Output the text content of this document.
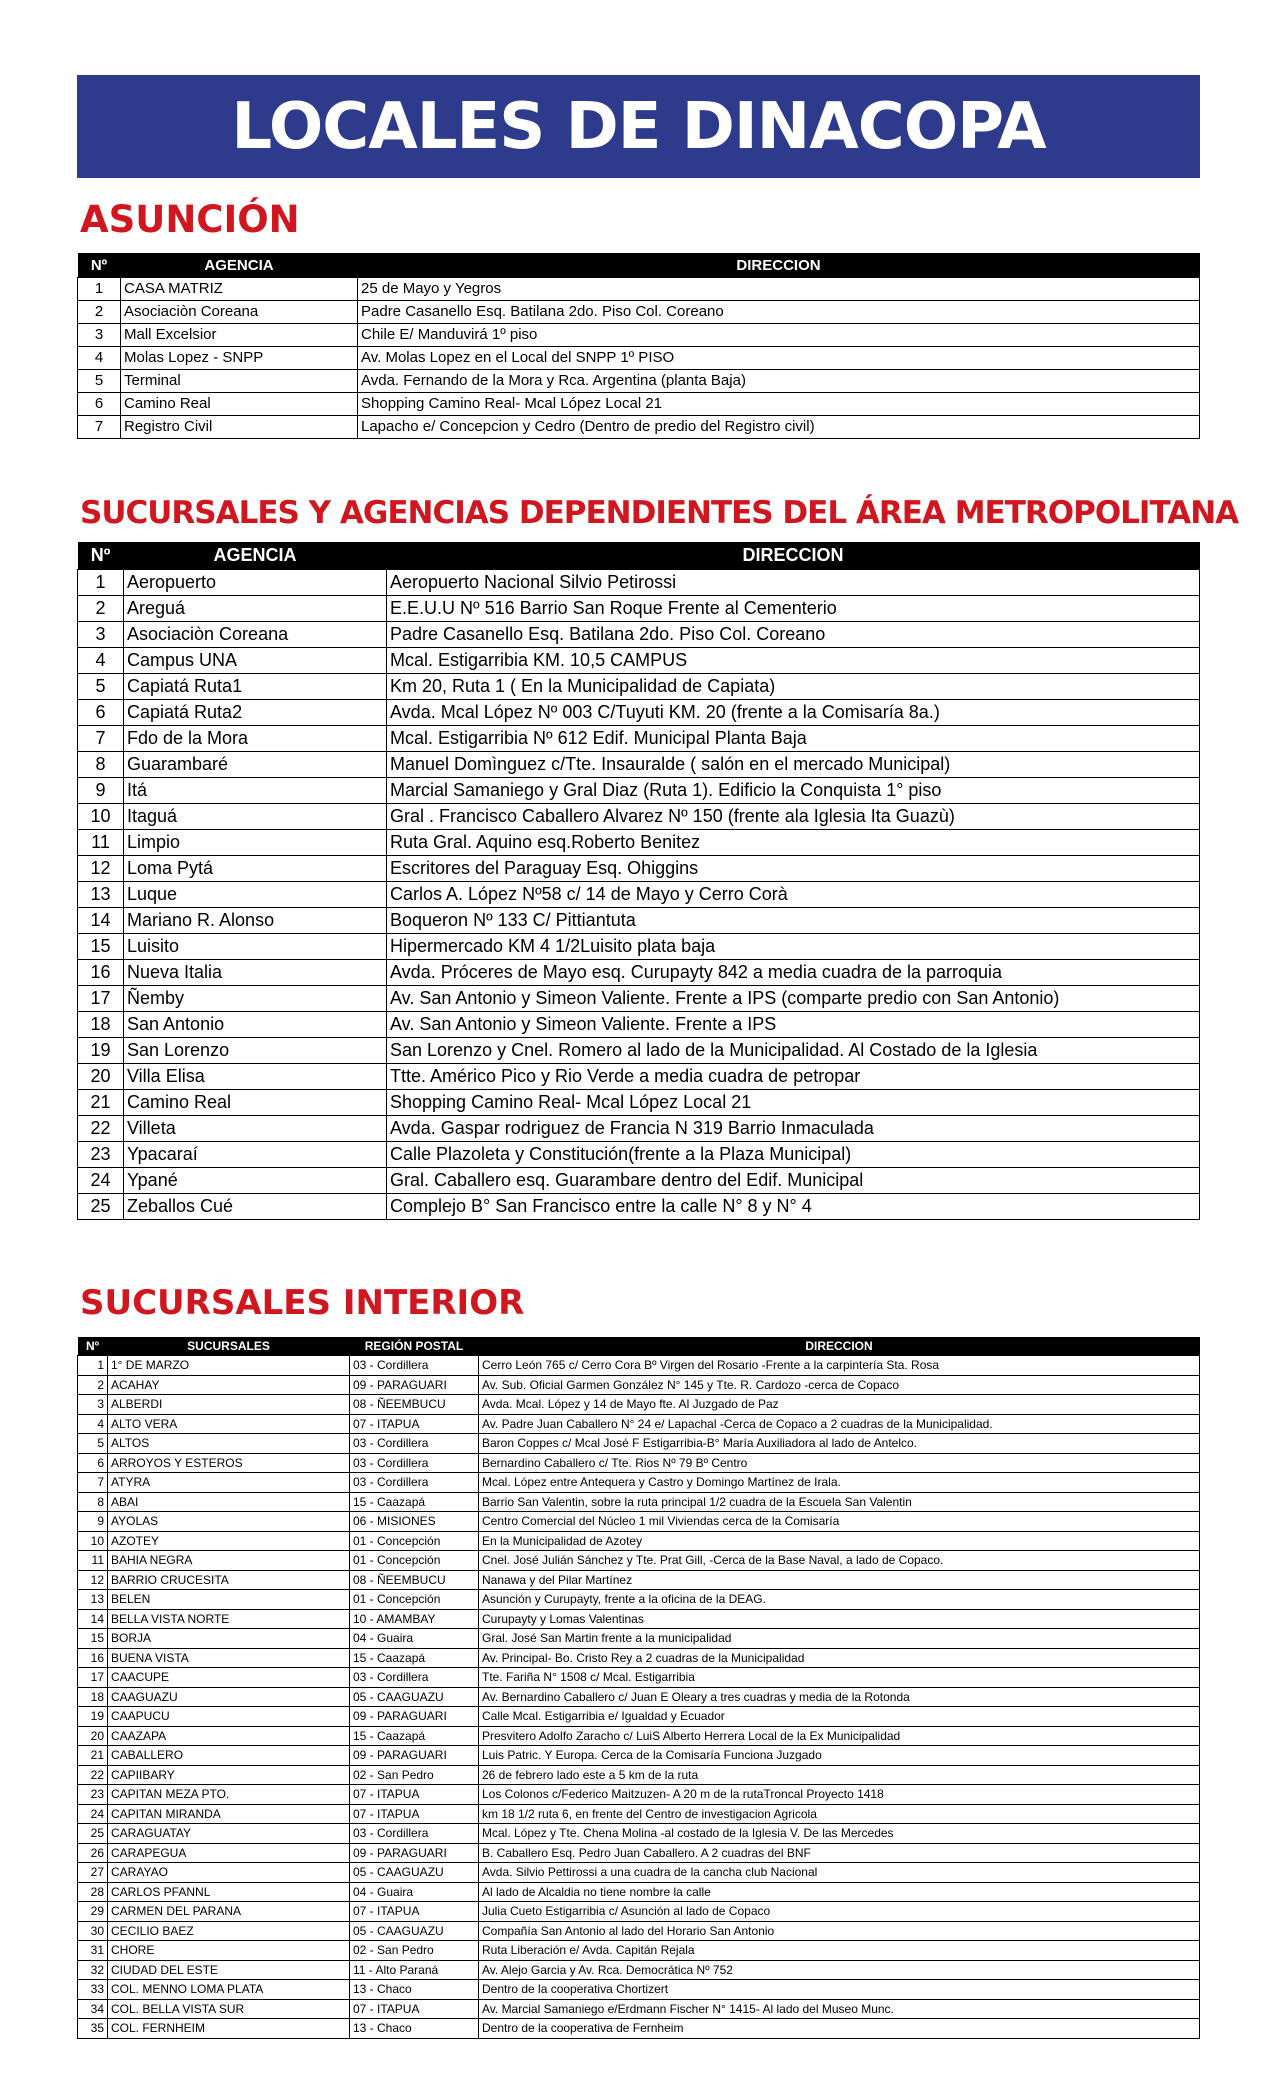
LOCALES DE DINACOPA
ASUNCIÓN
Nº	AGENCIA	DIRECCION
1	CASA MATRIZ	25 de Mayo y Yegros
2	Asociaciòn Coreana	Padre Casanello Esq. Batilana 2do. Piso Col. Coreano
3	Mall Excelsior	Chile E/ Manduvirá 1º piso
4	Molas Lopez - SNPP	Av. Molas Lopez en el Local del SNPP 1º PISO
5	Terminal	Avda. Fernando de la Mora y Rca. Argentina (planta Baja)
6	Camino Real	Shopping Camino Real- Mcal López Local 21
7	Registro Civil	Lapacho e/ Concepcion y Cedro (Dentro de predio del Registro civil)
SUCURSALES Y AGENCIAS DEPENDIENTES DEL ÁREA METROPOLITANA
Nº	AGENCIA	DIRECCION
1	Aeropuerto	Aeropuerto Nacional Silvio Petirossi
2	Areguá	E.E.U.U Nº 516 Barrio San Roque Frente al Cementerio
3	Asociaciòn Coreana	Padre Casanello Esq. Batilana 2do. Piso Col. Coreano
4	Campus UNA	Mcal. Estigarribia KM. 10,5 CAMPUS
5	Capiatá Ruta1	Km 20, Ruta 1 ( En la Municipalidad de Capiata)
6	Capiatá Ruta2	Avda. Mcal López Nº 003 C/Tuyuti KM. 20 (frente a la Comisaría 8a.)
7	Fdo de la Mora	Mcal. Estigarribia Nº 612 Edif. Municipal Planta Baja
8	Guarambaré	Manuel Domìnguez c/Tte. Insauralde ( salón en el mercado Municipal)
9	Itá	Marcial Samaniego y Gral Diaz (Ruta 1). Edificio la Conquista 1° piso
10	Itaguá	Gral . Francisco Caballero Alvarez Nº 150 (frente ala Iglesia Ita Guazù)
11	Limpio	Ruta Gral. Aquino esq.Roberto Benitez
12	Loma Pytá	Escritores del Paraguay Esq. Ohiggins
13	Luque	Carlos A. López Nº58 c/ 14 de Mayo y Cerro Corà
14	Mariano R. Alonso	Boqueron Nº 133 C/ Pittiantuta
15	Luisito	Hipermercado KM 4 1/2Luisito plata baja
16	Nueva Italia	Avda. Próceres de Mayo esq. Curupayty 842 a media cuadra de la parroquia
17	Ñemby	Av. San Antonio y Simeon Valiente. Frente a IPS (comparte predio con San Antonio)
18	San Antonio	Av. San Antonio y Simeon Valiente. Frente a IPS
19	San Lorenzo	San Lorenzo y Cnel. Romero al lado de la Municipalidad. Al Costado de la Iglesia
20	Villa Elisa	Ttte. Américo Pico y Rio Verde a media cuadra de petropar
21	Camino Real	Shopping Camino Real- Mcal López Local 21
22	Villeta	Avda. Gaspar rodriguez de Francia N 319 Barrio Inmaculada
23	Ypacaraí	Calle Plazoleta y Constitución(frente a la Plaza Municipal)
24	Ypané	Gral. Caballero esq. Guarambare dentro del Edif. Municipal
25	Zeballos Cué	Complejo B° San Francisco entre la calle N° 8 y N° 4
SUCURSALES INTERIOR
Nº	SUCURSALES	REGIÓN POSTAL	DIRECCION
1	1° DE MARZO	03 - Cordillera	Cerro León 765 c/ Cerro Cora Bº Virgen del Rosario -Frente a la carpintería Sta. Rosa
2	ACAHAY	09 - PARAGUARI	Av. Sub. Oficial Garmen González N° 145 y Tte. R. Cardozo -cerca de Copaco
3	ALBERDI	08 - ÑEEMBUCU	Avda. Mcal. López y 14 de Mayo fte. Al Juzgado de Paz
4	ALTO VERA	07 - ITAPUA	Av. Padre Juan Caballero N° 24 e/ Lapachal -Cerca de Copaco a 2 cuadras de la Municipalidad.
5	ALTOS	03 - Cordillera	Baron Coppes c/ Mcal José F Estigarribia-B° María Auxiliadora al lado de Antelco.
6	ARROYOS Y ESTEROS	03 - Cordillera	Bernardino Caballero c/ Tte. Rios Nº 79 Bº Centro
7	ATYRA	03 - Cordillera	Mcal. López entre Antequera y Castro y Domingo Martínez de Irala.
8	ABAI	15 - Caazapá	Barrio San Valentin, sobre la ruta principal 1/2 cuadra de la Escuela San Valentin
9	AYOLAS	06 - MISIONES	Centro Comercial del Núcleo 1 mil Viviendas cerca de la Comisaría
10	AZOTEY	01 - Concepción	En la Municipalidad de Azotey
11	BAHIA NEGRA	01 - Concepción	Cnel. José Julián Sánchez y Tte. Prat Gill, -Cerca de la Base Naval, a lado de Copaco.
12	BARRIO CRUCESITA	08 - ÑEEMBUCU	Nanawa y del Pilar Martínez
13	BELEN	01 - Concepción	Asunción y Curupayty, frente a la oficina de la DEAG.
14	BELLA VISTA NORTE	10 - AMAMBAY	Curupayty y Lomas Valentinas
15	BORJA	04 - Guaira	Gral. José San Martin frente a la municipalidad
16	BUENA VISTA	15 - Caazapá	Av. Principal- Bo. Cristo Rey a 2 cuadras de la Municipalidad
17	CAACUPE	03 - Cordillera	Tte. Fariña N° 1508 c/ Mcal. Estigarribia
18	CAAGUAZU	05 - CAAGUAZU	Av. Bernardino Caballero c/ Juan E Oleary a tres cuadras y media de la Rotonda
19	CAAPUCU	09 - PARAGUARI	Calle Mcal. Estigarribia e/ Igualdad y Ecuador
20	CAAZAPA	15 - Caazapá	Presvitero Adolfo Zaracho c/ LuiS Alberto Herrera Local de la Ex Municipalidad
21	CABALLERO	09 - PARAGUARI	Luis Patric. Y Europa. Cerca de la Comisaría Funciona Juzgado
22	CAPIIBARY	02 - San Pedro	26 de febrero lado este a 5 km de la ruta
23	CAPITAN MEZA PTO.	07 - ITAPUA	Los Colonos c/Federico Maitzuzen- A 20 m de la rutaTroncal Proyecto 1418
24	CAPITAN MIRANDA	07 - ITAPUA	km 18 1/2 ruta 6, en frente del Centro de investigacion Agricola
25	CARAGUATAY	03 - Cordillera	Mcal. López y Tte. Chena Molina -al costado de la Iglesia V. De las Mercedes
26	CARAPEGUA	09 - PARAGUARI	B. Caballero Esq. Pedro Juan Caballero. A 2 cuadras del BNF
27	CARAYAO	05 - CAAGUAZU	Avda. Silvio Pettirossi a una cuadra de la cancha club Nacional
28	CARLOS PFANNL	04 - Guaira	Al lado de Alcaldia no tiene nombre la calle
29	CARMEN DEL PARANA	07 - ITAPUA	Julia Cueto Estigarribia c/ Asunción al lado de Copaco
30	CECILIO BAEZ	05 - CAAGUAZU	Compañía San Antonio al lado del Horario San Antonio
31	CHORE	02 - San Pedro	Ruta Liberación e/ Avda. Capitán Rejala
32	CIUDAD DEL ESTE	11 - Alto Paraná	Av. Alejo Garcia y Av. Rca. Democrática Nº 752
33	COL. MENNO LOMA PLATA	13 - Chaco	Dentro de la cooperativa Chortizert
34	COL. BELLA VISTA SUR	07 - ITAPUA	Av. Marcial Samaniego e/Erdmann Fischer N° 1415- Al lado del Museo Munc.
35	COL. FERNHEIM	13 - Chaco	Dentro de la cooperativa de Fernheim
